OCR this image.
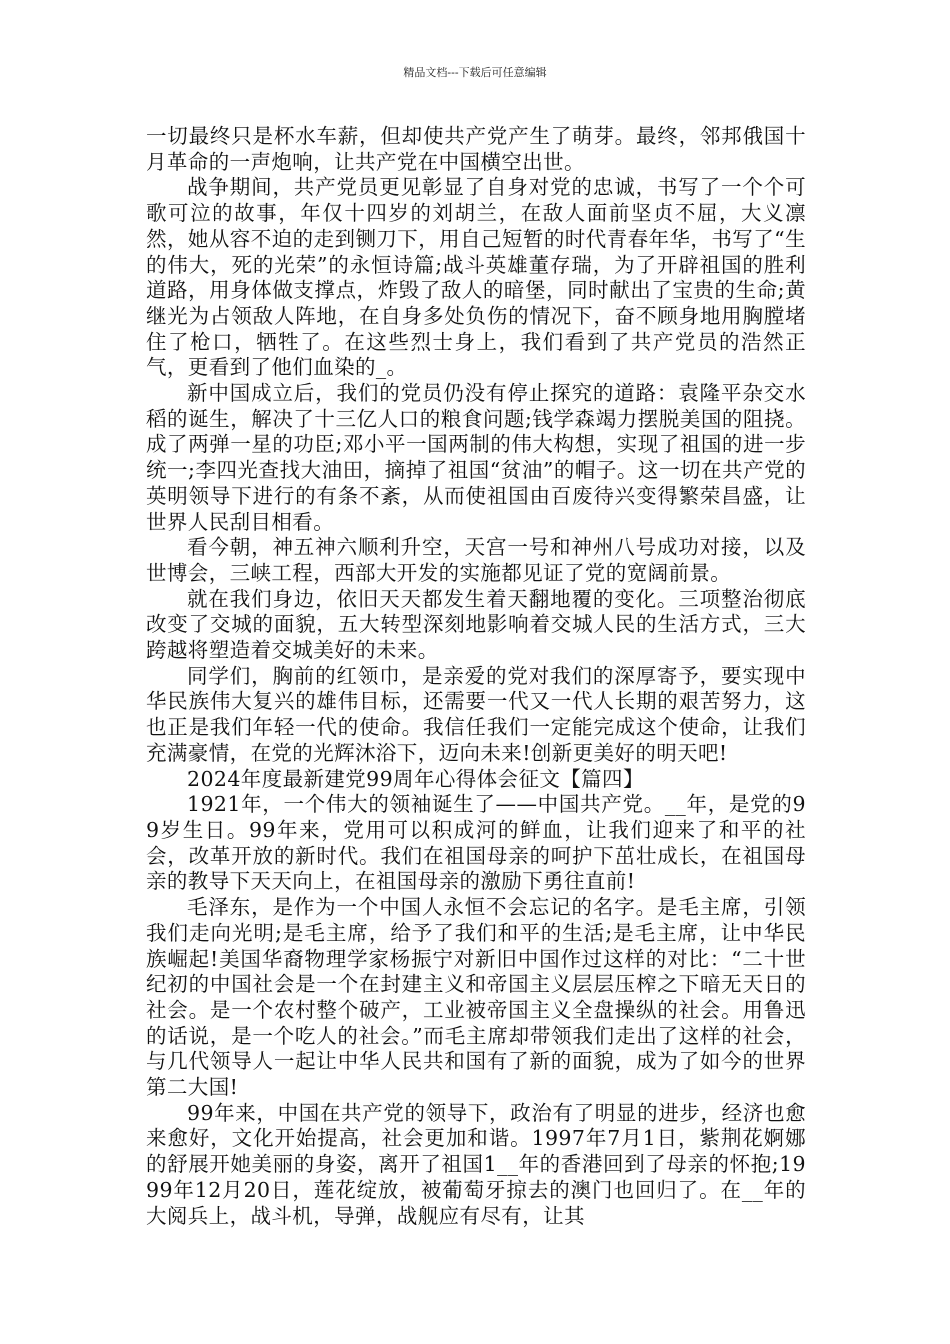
精品文档---下载后可任意编辑

一切最终只是杯水车薪，但却使共产党产生了萌芽。最终，邻邦俄国十月革命的一声炮响，让共产党在中国横空出世。

战争期间，共产党员更见彰显了自身对党的忠诚，书写了一个个可歌可泣的故事，年仅十四岁的刘胡兰，在敌人面前坚贞不屈，大义凛然，她从容不迫的走到铡刀下，用自己短暂的时代青春年华，书写了“生的伟大，死的光荣”的永恒诗篇;战斗英雄董存瑞，为了开辟祖国的胜利道路，用身体做支撑点，炸毁了敌人的暗堡，同时献出了宝贵的生命;黄继光为占领敌人阵地，在自身多处负伤的情况下，奋不顾身地用胸膛堵住了枪口，牺牲了。在这些烈士身上，我们看到了共产党员的浩然正气，更看到了他们血染的_。

新中国成立后，我们的党员仍没有停止探究的道路：袁隆平杂交水稻的诞生，解决了十三亿人口的粮食问题;钱学森竭力摆脱美国的阻挠。成了两弹一星的功臣;邓小平一国两制的伟大构想，实现了祖国的进一步统一;李四光查找大油田，摘掉了祖国“贫油”的帽子。这一切在共产党的英明领导下进行的有条不紊，从而使祖国由百废待兴变得繁荣昌盛，让世界人民刮目相看。

看今朝，神五神六顺利升空，天宫一号和神州八号成功对接，以及世博会，三峡工程，西部大开发的实施都见证了党的宽阔前景。

就在我们身边，依旧天天都发生着天翻地覆的变化。三项整治彻底改变了交城的面貌，五大转型深刻地影响着交城人民的生活方式，三大跨越将塑造着交城美好的未来。

同学们，胸前的红领巾，是亲爱的党对我们的深厚寄予，要实现中华民族伟大复兴的雄伟目标，还需要一代又一代人长期的艰苦努力，这也正是我们年轻一代的使命。我信任我们一定能完成这个使命，让我们充满豪情，在党的光辉沐浴下，迈向未来!创新更美好的明天吧!

2024年度最新建党99周年心得体会征文【篇四】

1921年，一个伟大的领袖诞生了——中国共产党。__年，是党的99岁生日。99年来，党用可以积成河的鲜血，让我们迎来了和平的社会，改革开放的新时代。我们在祖国母亲的呵护下茁壮成长，在祖国母亲的教导下天天向上，在祖国母亲的激励下勇往直前!

毛泽东，是作为一个中国人永恒不会忘记的名字。是毛主席，引领我们走向光明;是毛主席，给予了我们和平的生活;是毛主席，让中华民族崛起!美国华裔物理学家杨振宁对新旧中国作过这样的对比：“二十世纪初的中国社会是一个在封建主义和帝国主义层层压榨之下暗无天日的社会。是一个农村整个破产，工业被帝国主义全盘操纵的社会。用鲁迅的话说，是一个吃人的社会。”而毛主席却带领我们走出了这样的社会，与几代领导人一起让中华人民共和国有了新的面貌，成为了如今的世界第二大国!

99年来，中国在共产党的领导下，政治有了明显的进步，经济也愈来愈好，文化开始提高，社会更加和谐。1997年7月1日，紫荆花婀娜的舒展开她美丽的身姿，离开了祖国1__年的香港回到了母亲的怀抱;1999年12月20日，莲花绽放，被葡萄牙掠去的澳门也回归了。在__年的大阅兵上，战斗机，导弹，战舰应有尽有，让其
